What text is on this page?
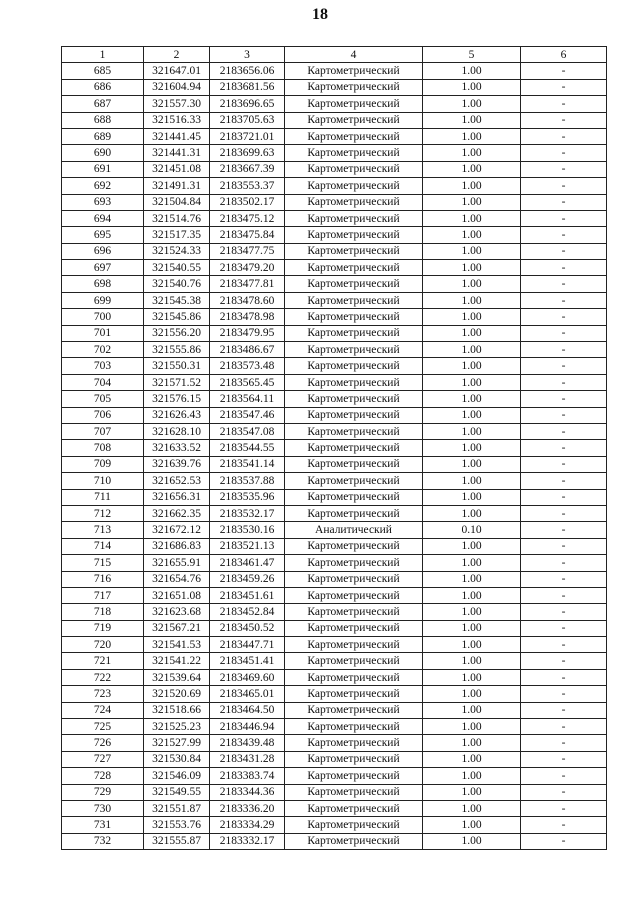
18
1	2	3	4	5	6
685	321647.01	2183656.06	Картометрический	1.00	-
686	321604.94	2183681.56	Картометрический	1.00	-
687	321557.30	2183696.65	Картометрический	1.00	-
688	321516.33	2183705.63	Картометрический	1.00	-
689	321441.45	2183721.01	Картометрический	1.00	-
690	321441.31	2183699.63	Картометрический	1.00	-
691	321451.08	2183667.39	Картометрический	1.00	-
692	321491.31	2183553.37	Картометрический	1.00	-
693	321504.84	2183502.17	Картометрический	1.00	-
694	321514.76	2183475.12	Картометрический	1.00	-
695	321517.35	2183475.84	Картометрический	1.00	-
696	321524.33	2183477.75	Картометрический	1.00	-
697	321540.55	2183479.20	Картометрический	1.00	-
698	321540.76	2183477.81	Картометрический	1.00	-
699	321545.38	2183478.60	Картометрический	1.00	-
700	321545.86	2183478.98	Картометрический	1.00	-
701	321556.20	2183479.95	Картометрический	1.00	-
702	321555.86	2183486.67	Картометрический	1.00	-
703	321550.31	2183573.48	Картометрический	1.00	-
704	321571.52	2183565.45	Картометрический	1.00	-
705	321576.15	2183564.11	Картометрический	1.00	-
706	321626.43	2183547.46	Картометрический	1.00	-
707	321628.10	2183547.08	Картометрический	1.00	-
708	321633.52	2183544.55	Картометрический	1.00	-
709	321639.76	2183541.14	Картометрический	1.00	-
710	321652.53	2183537.88	Картометрический	1.00	-
711	321656.31	2183535.96	Картометрический	1.00	-
712	321662.35	2183532.17	Картометрический	1.00	-
713	321672.12	2183530.16	Аналитический	0.10	-
714	321686.83	2183521.13	Картометрический	1.00	-
715	321655.91	2183461.47	Картометрический	1.00	-
716	321654.76	2183459.26	Картометрический	1.00	-
717	321651.08	2183451.61	Картометрический	1.00	-
718	321623.68	2183452.84	Картометрический	1.00	-
719	321567.21	2183450.52	Картометрический	1.00	-
720	321541.53	2183447.71	Картометрический	1.00	-
721	321541.22	2183451.41	Картометрический	1.00	-
722	321539.64	2183469.60	Картометрический	1.00	-
723	321520.69	2183465.01	Картометрический	1.00	-
724	321518.66	2183464.50	Картометрический	1.00	-
725	321525.23	2183446.94	Картометрический	1.00	-
726	321527.99	2183439.48	Картометрический	1.00	-
727	321530.84	2183431.28	Картометрический	1.00	-
728	321546.09	2183383.74	Картометрический	1.00	-
729	321549.55	2183344.36	Картометрический	1.00	-
730	321551.87	2183336.20	Картометрический	1.00	-
731	321553.76	2183334.29	Картометрический	1.00	-
732	321555.87	2183332.17	Картометрический	1.00	-
